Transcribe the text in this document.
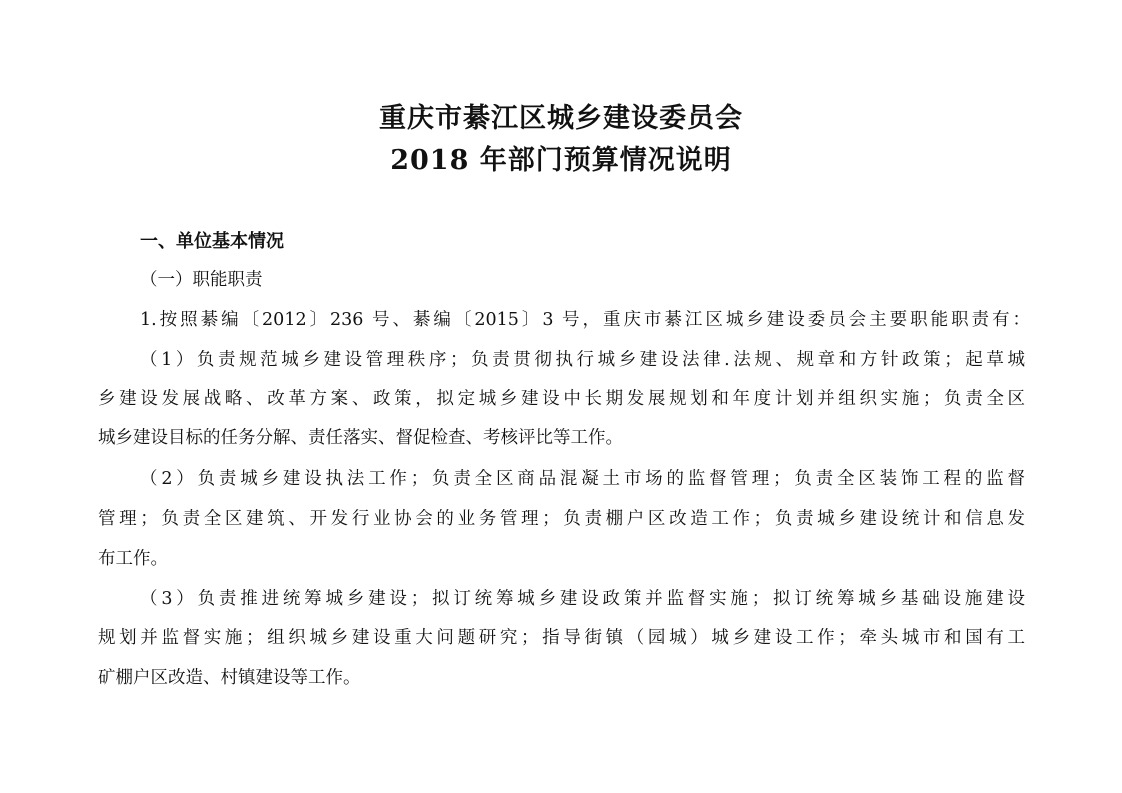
重庆市綦江区城乡建设委员会
2018 年部门预算情况说明
一、单位基本情况
（一）职能职责
1.按照綦编〔2012〕236 号、綦编〔2015〕3 号，重庆市綦江区城乡建设委员会主要职能职责有：
（1）负责规范城乡建设管理秩序；负责贯彻执行城乡建设法律.法规、规章和方针政策；起草城
乡建设发展战略、改革方案、政策，拟定城乡建设中长期发展规划和年度计划并组织实施；负责全区
城乡建设目标的任务分解、责任落实、督促检查、考核评比等工作。
（2）负责城乡建设执法工作；负责全区商品混凝土市场的监督管理；负责全区装饰工程的监督
管理；负责全区建筑、开发行业协会的业务管理；负责棚户区改造工作；负责城乡建设统计和信息发
布工作。
（3）负责推进统筹城乡建设；拟订统筹城乡建设政策并监督实施；拟订统筹城乡基础设施建设
规划并监督实施；组织城乡建设重大问题研究；指导街镇（园城）城乡建设工作；牵头城市和国有工
矿棚户区改造、村镇建设等工作。
